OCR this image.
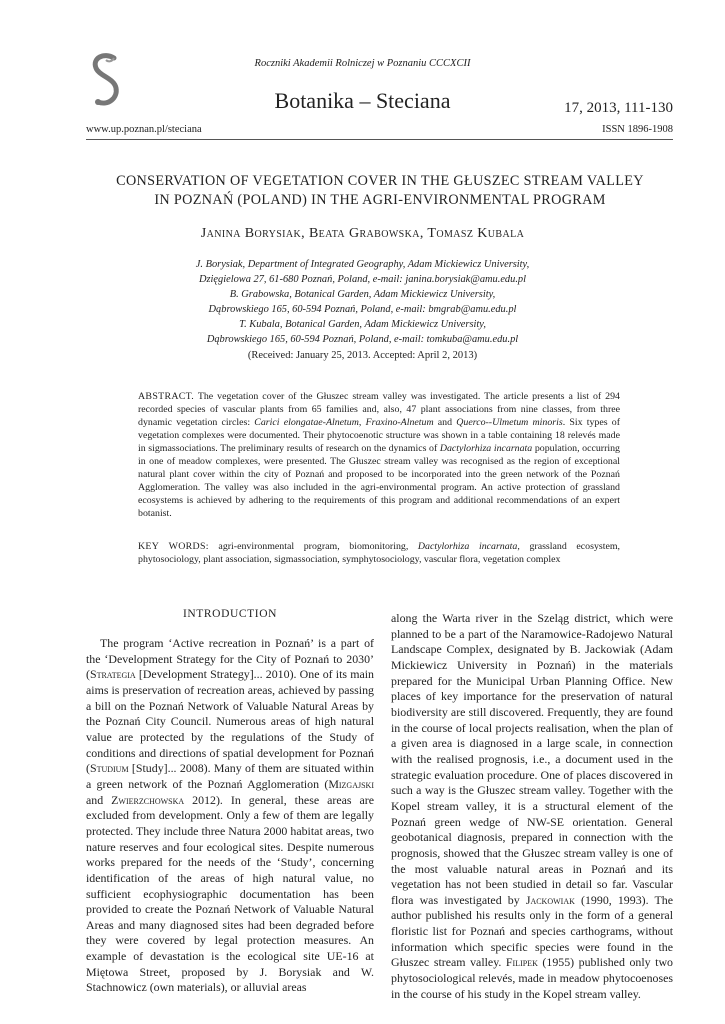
Roczniki Akademii Rolniczej w Poznaniu CCCXCII
Botanika – Steciana	17, 2013, 111-130
www.up.poznan.pl/steciana	ISSN 1896-1908
CONSERVATION OF VEGETATION COVER IN THE GŁUSZEC STREAM VALLEY
IN POZNAŃ (POLAND) IN THE AGRI-ENVIRONMENTAL PROGRAM
Janina Borysiak, Beata Grabowska, Tomasz Kubala
J. Borysiak, Department of Integrated Geography, Adam Mickiewicz University,
Dzięgielowa 27, 61-680 Poznań, Poland, e-mail: janina.borysiak@amu.edu.pl
B. Grabowska, Botanical Garden, Adam Mickiewicz University,
Dąbrowskiego 165, 60-594 Poznań, Poland, e-mail: bmgrab@amu.edu.pl
T. Kubala, Botanical Garden, Adam Mickiewicz University,
Dąbrowskiego 165, 60-594 Poznań, Poland, e-mail: tomkuba@amu.edu.pl
(Received: January 25, 2013. Accepted: April 2, 2013)
ABSTRACT. The vegetation cover of the Głuszec stream valley was investigated. The article presents a list of 294 recorded species of vascular plants from 65 families and, also, 47 plant associations from nine classes, from three dynamic vegetation circles: Carici elongatae-Alnetum, Fraxino-Alnetum and Querco--Ulmetum minoris. Six types of vegetation complexes were documented. Their phytocoenotic structure was shown in a table containing 18 relevés made in sigmassociations. The preliminary results of research on the dynamics of Dactylorhiza incarnata population, occurring in one of meadow complexes, were presented. The Głuszec stream valley was recognised as the region of exceptional natural plant cover within the city of Poznań and proposed to be incorporated into the green network of the Poznań Agglomeration. The valley was also included in the agri-environmental program. An active protection of grassland ecosystems is achieved by adhering to the requirements of this program and additional recommendations of an expert botanist.
KEY WORDS: agri-environmental program, biomonitoring, Dactylorhiza incarnata, grassland ecosystem, phytosociology, plant association, sigmassociation, symphytosociology, vascular flora, vegetation complex
INTRODUCTION

The program ‘Active recreation in Poznań’ is a part of the ‘Development Strategy for the City of Poznań to 2030’ (Strategia [Development Strategy]... 2010). One of its main aims is preservation of recreation areas, achieved by passing a bill on the Poznań Network of Valuable Natural Areas by the Poznań City Council. Numerous areas of high natural value are protected by the regulations of the Study of conditions and directions of spatial development for Poznań (Studium [Study]... 2008). Many of them are situated within a green network of the Poznań Agglomeration (Mizgajski and Zwierzchowska 2012). In general, these areas are excluded from development. Only a few of them are legally protected. They include three Natura 2000 habitat areas, two nature reserves and four ecological sites. Despite numerous works prepared for the needs of the ‘Study’, concerning identification of the areas of high natural value, no sufficient ecophysiographic documentation has been provided to create the Poznań Network of Valuable Natural Areas and many diagnosed sites had been degraded before they were covered by legal protection measures. An example of devastation is the ecological site UE-16 at Miętowa Street, proposed by J. Borysiak and W. Stachnowicz (own materials), or alluvial areas

along the Warta river in the Szeląg district, which were planned to be a part of the Naramowice-Radojewo Natural Landscape Complex, designated by B. Jackowiak (Adam Mickiewicz University in Poznań) in the materials prepared for the Municipal Urban Planning Office. New places of key importance for the preservation of natural biodiversity are still discovered. Frequently, they are found in the course of local projects realisation, when the plan of a given area is diagnosed in a large scale, in connection with the realised prognosis, i.e., a document used in the strategic evaluation procedure. One of places discovered in such a way is the Głuszec stream valley. Together with the Kopel stream valley, it is a structural element of the Poznań green wedge of NW-SE orientation. General geobotanical diagnosis, prepared in connection with the prognosis, showed that the Głuszec stream valley is one of the most valuable natural areas in Poznań and its vegetation has not been studied in detail so far. Vascular flora was investigated by Jackowiak (1990, 1993). The author published his results only in the form of a general floristic list for Poznań and species carthograms, without information which specific species were found in the Głuszec stream valley. Filipek (1955) published only two phytosociological relevés, made in meadow phytocoenoses in the course of his study in the Kopel stream valley.
